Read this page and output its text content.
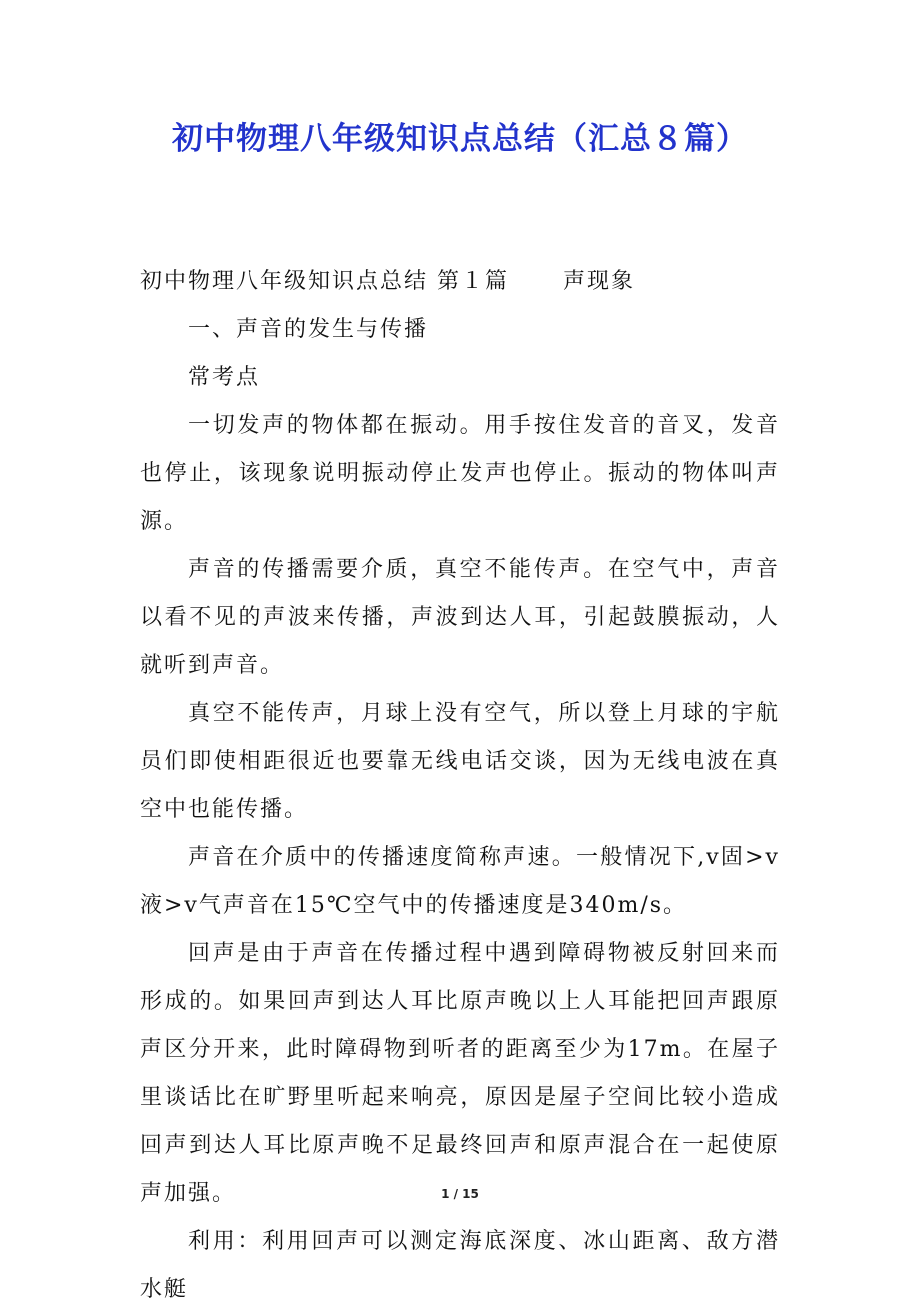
初中物理八年级知识点总结（汇总８篇）

初中物理八年级知识点总结 第１篇      声现象

一、声音的发生与传播

常考点

一切发声的物体都在振动。用手按住发音的音叉，发音也停止，该现象说明振动停止发声也停止。振动的物体叫声源。

声音的传播需要介质，真空不能传声。在空气中，声音以看不见的声波来传播，声波到达人耳，引起鼓膜振动，人就听到声音。

真空不能传声，月球上没有空气，所以登上月球的宇航员们即使相距很近也要靠无线电话交谈，因为无线电波在真空中也能传播。

声音在介质中的传播速度简称声速。一般情况下,v固>v液>v气声音在15℃空气中的传播速度是340m/s。

回声是由于声音在传播过程中遇到障碍物被反射回来而形成的。如果回声到达人耳比原声晚以上人耳能把回声跟原声区分开来，此时障碍物到听者的距离至少为17m。在屋子里谈话比在旷野里听起来响亮，原因是屋子空间比较小造成回声到达人耳比原声晚不足最终回声和原声混合在一起使原声加强。

利用：利用回声可以测定海底深度、冰山距离、敌方潜水艇

1 / 15
